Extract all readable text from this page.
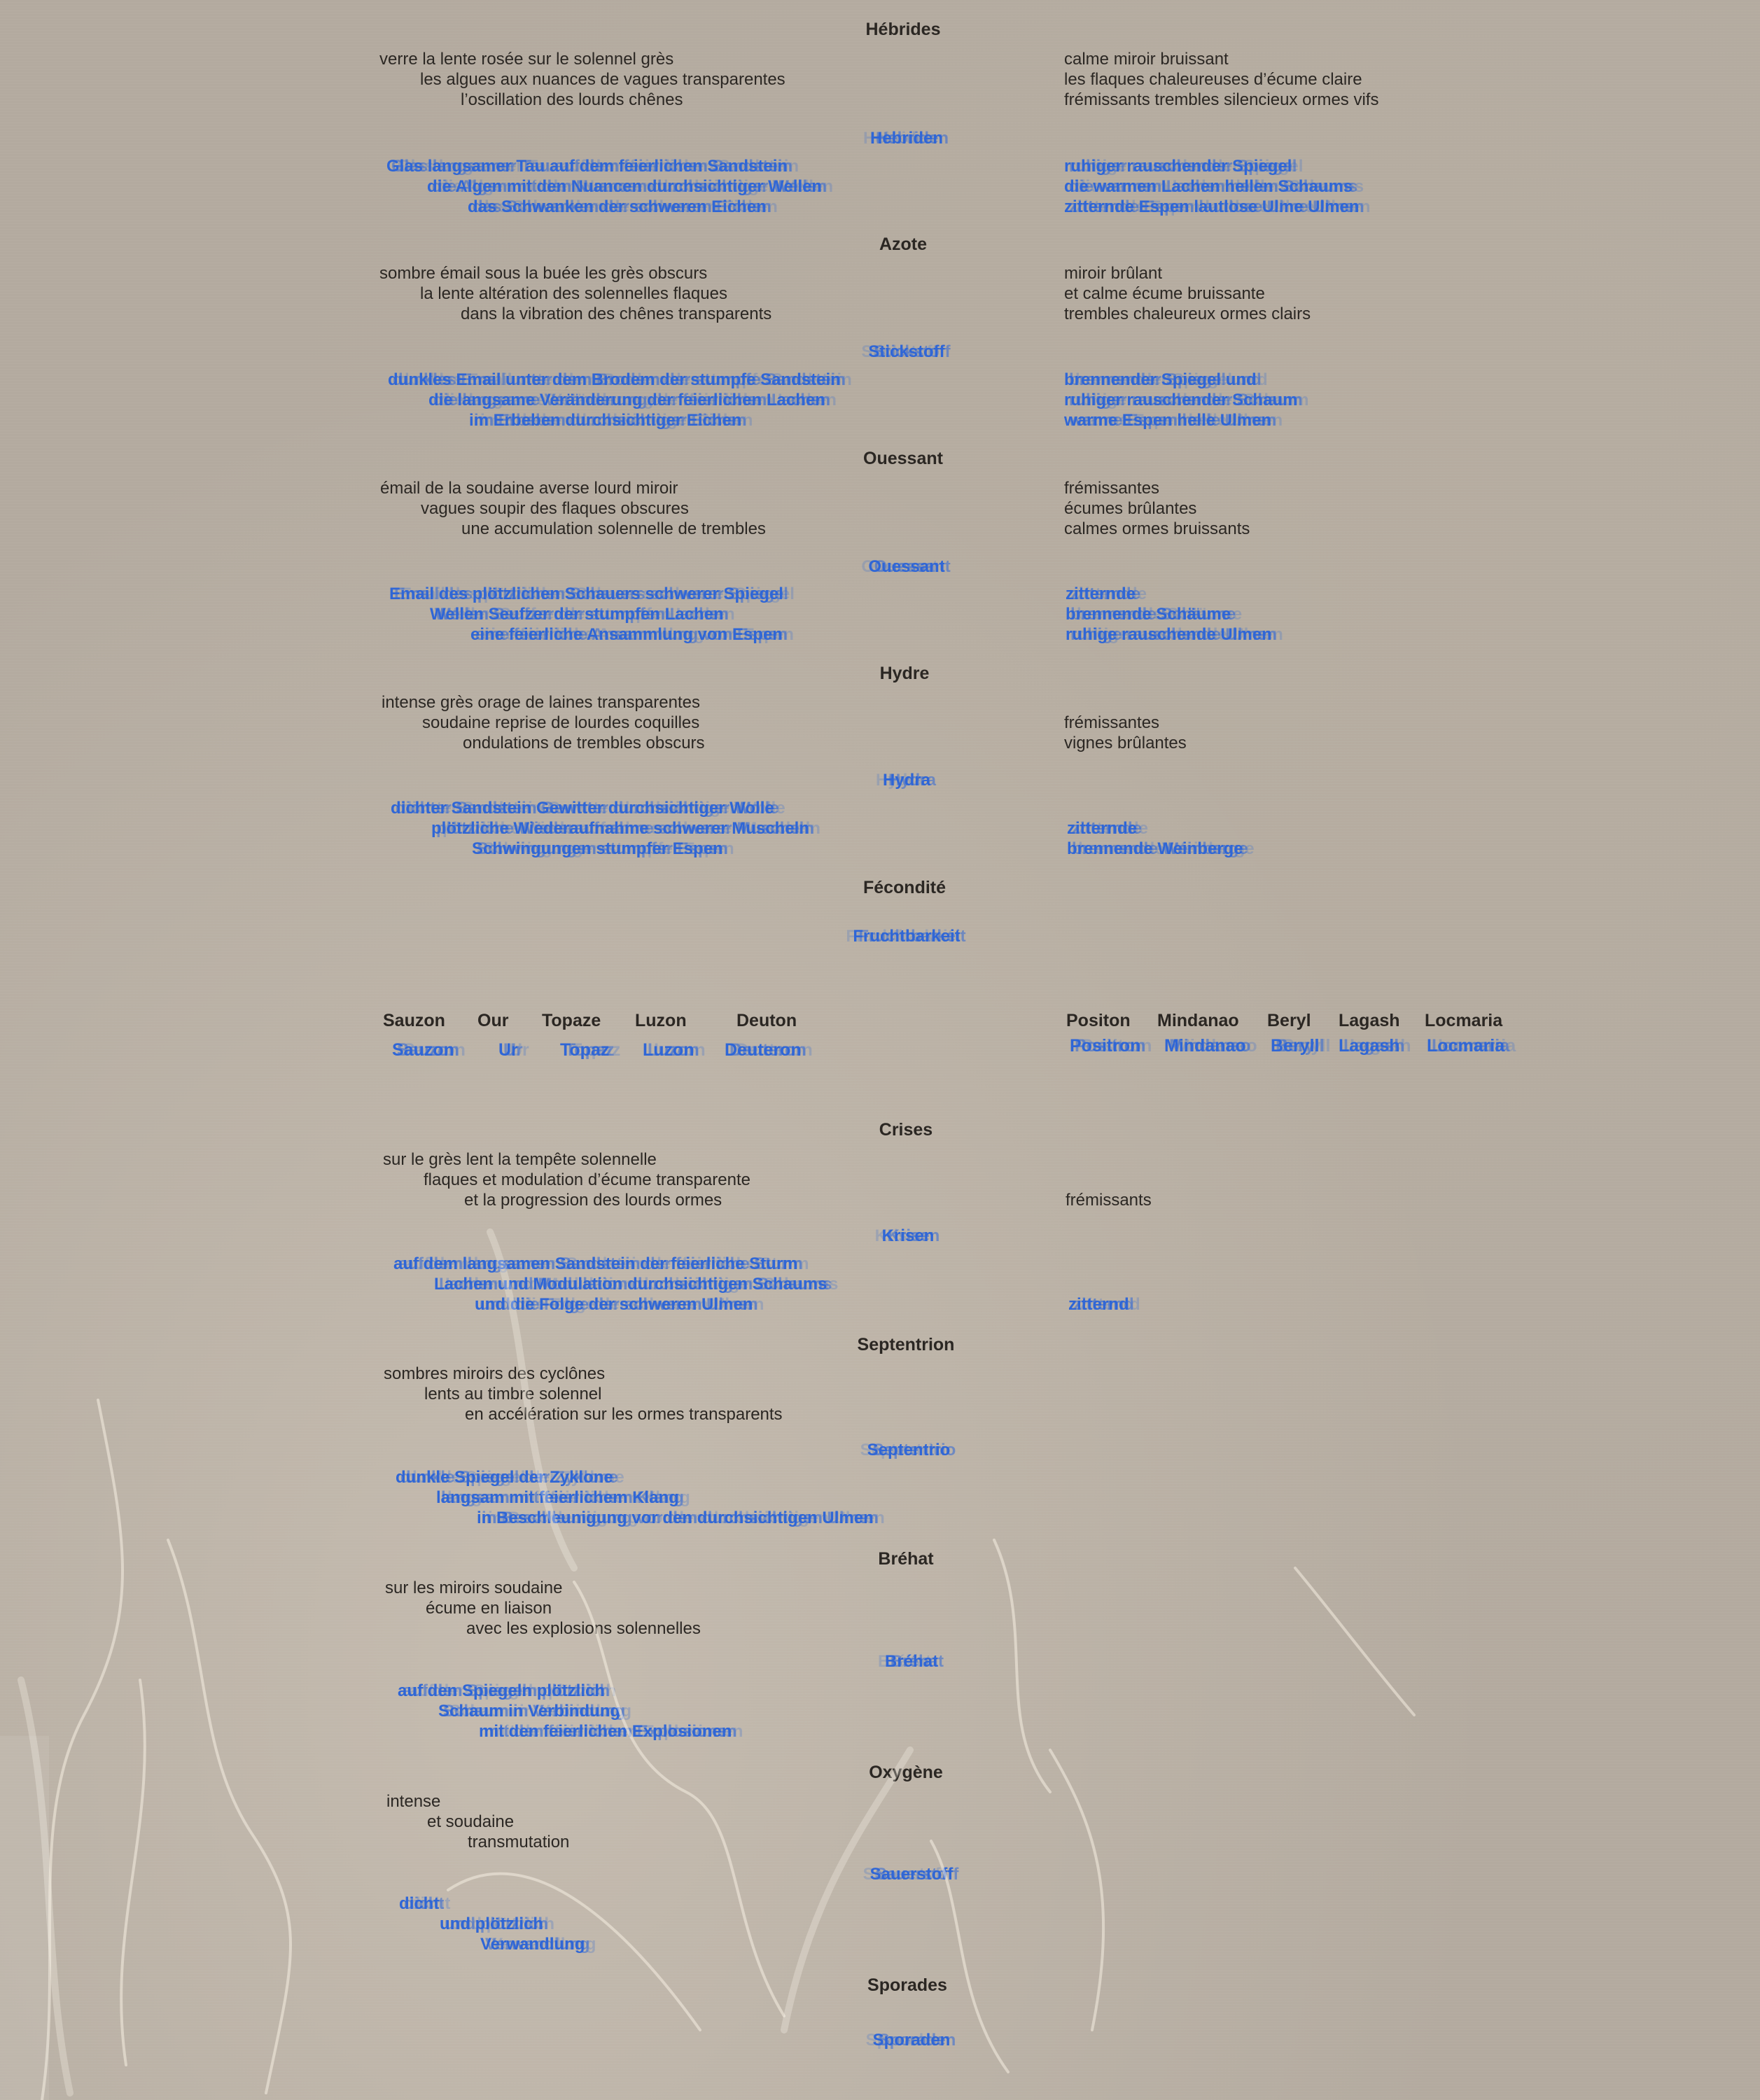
Hébrides
verre la lente rosée sur le solennel grès
les algues aux nuances de vagues transparentes
l’oscillation des lourds chênes
calme miroir bruissant
les flaques chaleureuses d’écume claire
frémissants trembles silencieux ormes vifs
Hebriden
Glas langsamer Tau auf dem feierlichen Sandstein
die Algen mit den Nuancen durchsichtiger Wellen
das Schwanken der schweren Eichen
ruhiger rauschender Spiegel
die warmen Lachen hellen Schaums
zitternde Espen lautlose Ulme Ulmen
Azote
sombre émail sous la buée les grès obscurs
la lente altération des solennelles flaques
dans la vibration des chênes transparents
miroir brûlant
et calme écume bruissante
trembles chaleureux ormes clairs
Stickstoff
dunkles Email unter dem Brodem der stumpfe Sandstein
die langsame Veränderung der feierlichen Lachen
im Erbeben durchsichtiger Eichen
brennender Spiegel und
ruhiger rauschender Schaum
warme Espen helle Ulmen
Ouessant
émail de la soudaine averse lourd miroir
vagues soupir des flaques obscures
une accumulation solennelle de trembles
frémissantes
écumes brûlantes
calmes ormes bruissants
Ouessant
Email des plötzlichen Schauers schwerer Spiegel
Wellen Seufzer der stumpfen Lachen
eine feierliche Ansammlung von Espen
zitternde
brennende Schäume
ruhige rauschende Ulmen
Hydre
intense grès orage de laines transparentes
soudaine reprise de lourdes coquilles
ondulations de trembles obscurs
frémissantes
vignes brûlantes
Hydra
dichter Sandstein Gewitter durchsichtiger Wolle
plötzliche Wiederaufnahme schwerer Muscheln
Schwingungen stumpfer Espen
zitternde
brennende Weinberge
Fécondité
Fruchtbarkeit
Sauzon Our Topaze Luzon	Deuton	Positon Mindanao Beryl Lagash Locmaria
Sauzon	Ur Topaz Luzon Deuteron	Positron Mindanao Beryll Lagash Locmaria
Crises
sur le grès lent la tempête solennelle
flaques et modulation d’écume transparente
et la progression des lourds ormes	frémissants
Krisen
auf dem langsamen Sandstein der feierliche Sturm
Lachen und Modulation durchsichtigen Schaums
und die Folge der schweren Ulmen	zitternd
Septentrion
sombres miroirs des cyclônes
lents au timbre solennel
en accélération sur les ormes transparents
Septentrio
dunkle Spiegel der Zyklone
langsam mit feierlichem Klang
in Beschleunigung vor den durchsichtigen Ulmen
Bréhat
sur les miroirs soudaine
écume en liaison
avec les explosions solennelles
Bréhat
auf den Spiegeln plötzlich
Schaum in Verbindung
mit den feierlichen Explosionen
Oxygène
intense
et soudaine
transmutation
Sauerstoff
dicht
und plötzlich
Verwandlung
Sporades
Sporaden
